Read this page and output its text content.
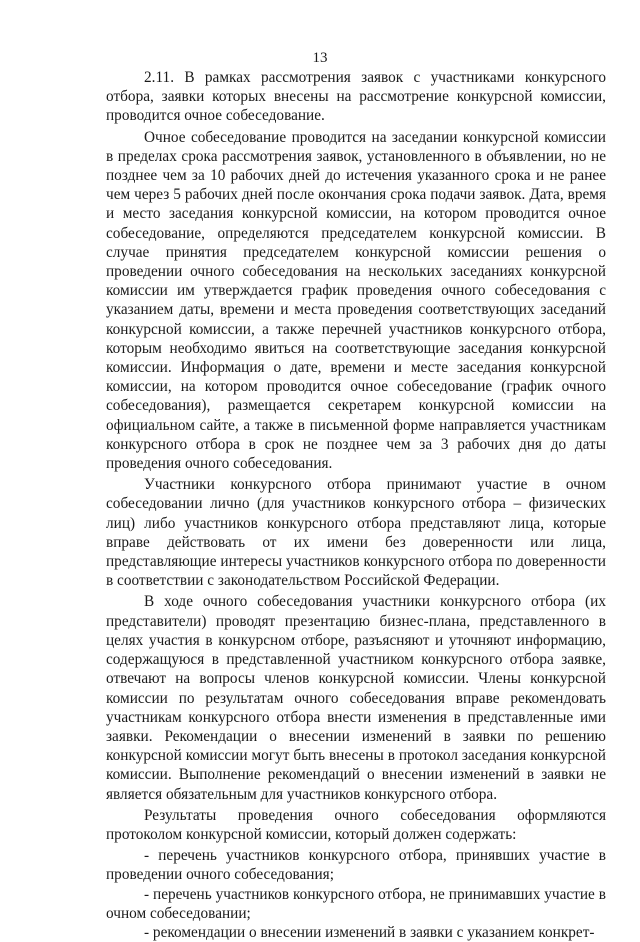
13

2.11. В рамках рассмотрения заявок с участниками конкурсного отбора, заявки которых внесены на рассмотрение конкурсной комиссии, проводится очное собеседование.

Очное собеседование проводится на заседании конкурсной комиссии в пределах срока рассмотрения заявок, установленного в объявлении, но не позднее чем за 10 рабочих дней до истечения указанного срока и не ранее чем через 5 рабочих дней после окончания срока подачи заявок. Дата, время и место заседания конкурсной комиссии, на котором проводится очное собеседование, определяются председателем конкурсной комиссии. В случае принятия председателем конкурсной комиссии решения о проведении очного собеседования на нескольких заседаниях конкурсной комиссии им утверждается график проведения очного собеседования с указанием даты, времени и места проведения соответствующих заседаний конкурсной комиссии, а также перечней участников конкурсного отбора, которым необходимо явиться на соответствующие заседания конкурсной комиссии. Информация о дате, времени и месте заседания конкурсной комиссии, на котором проводится очное собеседование (график очного собеседования), размещается секретарем конкурсной комиссии на официальном сайте, а также в письменной форме направляется участникам конкурсного отбора в срок не позднее чем за 3 рабочих дня до даты проведения очного собеседования.

Участники конкурсного отбора принимают участие в очном собеседовании лично (для участников конкурсного отбора – физических лиц) либо участников конкурсного отбора представляют лица, которые вправе действовать от их имени без доверенности или лица, представляющие интересы участников конкурсного отбора по доверенности в соответствии с законодательством Российской Федерации.

В ходе очного собеседования участники конкурсного отбора (их представители) проводят презентацию бизнес-плана, представленного в целях участия в конкурсном отборе, разъясняют и уточняют информацию, содержащуюся в представленной участником конкурсного отбора заявке, отвечают на вопросы членов конкурсной комиссии. Члены конкурсной комиссии по результатам очного собеседования вправе рекомендовать участникам конкурсного отбора внести изменения в представленные ими заявки. Рекомендации о внесении изменений в заявки по решению конкурсной комиссии могут быть внесены в протокол заседания конкурсной комиссии. Выполнение рекомендаций о внесении изменений в заявки не является обязательным для участников конкурсного отбора.

Результаты проведения очного собеседования оформляются протоколом конкурсной комиссии, который должен содержать:

- перечень участников конкурсного отбора, принявших участие в проведении очного собеседования;

- перечень участников конкурсного отбора, не принимавших участие в очном собеседовании;

- рекомендации о внесении изменений в заявки с указанием конкрет-
